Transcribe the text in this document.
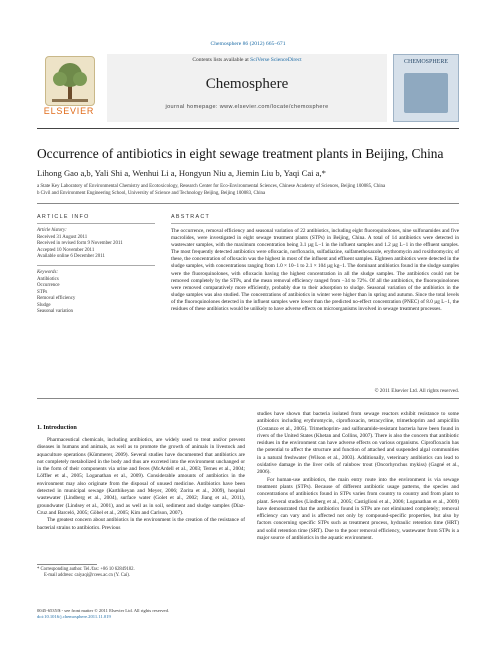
Chemosphere 86 (2012) 665–671
ELSEVIER
Contents lists available at SciVerse ScienceDirect
Chemosphere
journal homepage: www.elsevier.com/locate/chemosphere
CHEMOSPHERE
Occurrence of antibiotics in eight sewage treatment plants in Beijing, China
Lihong Gao a,b, Yali Shi a, Wenhui Li a, Hongyun Niu a, Jiemin Liu b, Yaqi Cai a,*
a State Key Laboratory of Environmental Chemistry and Ecotoxicology, Research Center for Eco-Environmental Sciences, Chinese Academy of Sciences, Beijing 100085, China
b Civil and Environment Engineering School, University of Science and Technology Beijing, Beijing 100083, China
ARTICLE INFO
Article history:
Received 31 August 2011
Received in revised form 9 November 2011
Accepted 10 November 2011
Available online 6 December 2011
Keywords:
Antibiotics
Occurrence
STPs
Removal efficiency
Sludge
Seasonal variation
ABSTRACT
The occurrence, removal efficiency and seasonal variation of 22 antibiotics, including eight fluoroquinolones, nine sulfonamides and five macrolides, were investigated in eight sewage treatment plants (STPs) in Beijing, China. A total of 14 antibiotics were detected in wastewater samples, with the maximum concentration being 3.1 µg L−1 in the influent samples and 1.2 µg L−1 in the effluent samples. The most frequently detected antibiotics were ofloxacin, norfloxacin, sulfadiazine, sulfamethoxazole, erythromycin and roxithromycin; of these, the concentration of ofloxacin was the highest in most of the influent and effluent samples. Eighteen antibiotics were detected in the sludge samples, with concentrations ranging from 1.0 × 10−1 to 2.1 × 104 µg kg−1. The dominant antibiotics found in the sludge samples were the fluoroquinolones, with ofloxacin having the highest concentration in all the sludge samples. The antibiotics could not be removed completely by the STPs, and the mean removal efficiency ranged from −34 to 72%. Of all the antibiotics, the fluoroquinolones were removed comparatively more efficiently, probably due to their adsorption to sludge. Seasonal variation of the antibiotics in the sludge samples was also studied. The concentrations of antibiotics in winter were higher than in spring and autumn. Since the total levels of the fluoroquinolones detected in the influent samples were lower than the predicted no-effect concentration (PNEC) of 8.0 µg L−1, the residues of these antibiotics would be unlikely to have adverse effects on microorganisms involved in sewage treatment processes.
© 2011 Elsevier Ltd. All rights reserved.
1. Introduction

Pharmaceutical chemicals, including antibiotics, are widely used to treat and/or prevent diseases in humans and animals, as well as to promote the growth of animals in livestock and aquaculture operations (Kümmerer, 2009). Several studies have documented that antibiotics are not completely metabolized in the body and thus are excreted into the environment unchanged or in the form of their components via urine and feces (McArdell et al., 2003; Ternes et al., 2004; Löffler et al., 2005; Loganathan et al., 2009). Considerable amounts of antibiotics in the environment may also originate from the disposal of unused medicine. Antibiotics have been detected in municipal sewage (Karthikeyan and Meyer, 2006; Zorita et al., 2009), hospital wastewater (Lindberg et al., 2004), surface water (Golet et al., 2002; Jiang et al., 2011), groundwater (Lindsey et al., 2001), and as well as in soil, sediment and sludge samples (Díaz-Cruz and Barceló, 2005; Göbel et al., 2005; Kim and Carlson, 2007).

The greatest concern about antibiotics in the environment is the creation of the resistance of bacterial strains to antibiotics. Previous

studies have shown that bacteria isolated from sewage reactors exhibit resistance to some antibiotics including erythromycin, ciprofloxacin, tetracycline, trimethoprim and ampicillin (Costanzo et al., 2005). Trimethoprim- and sulfonamide-resistant bacteria have been found in rivers of the United States (Khetan and Collins, 2007). There is also the concern that antibiotic residues in the environment can have adverse effects on various organisms. Ciprofloxacin has the potential to affect the structure and function of attached and suspended algal communities in a natural freshwater (Wilson et al., 2003). Additionally, veterinary antibiotics can lead to oxidative damage in the liver cells of rainbow trout (Oncorhynchus mykiss) (Gagné et al., 2006).

For human-use antibiotics, the main entry route into the environment is via sewage treatment plants (STPs). Because of different antibiotic usage patterns, the species and concentrations of antibiotics found in STPs varies from country to country and from plant to plant. Several studies (Lindberg et al., 2005; Castiglioni et al., 2006; Loganathan et al., 2009) have demonstrated that the antibiotics found in STPs are not eliminated completely; removal efficiency can vary and is affected not only by compound-specific properties, but also by factors concerning specific STPs such as treatment process, hydraulic retention time (HRT) and solid retention time (SRT). Due to the poor removal efficiency, wastewater from STPs is a major source of antibiotics in the aquatic environment.

* Corresponding author. Tel./fax: +86 10 62849182.
E-mail address: caiyaqi@rcees.ac.cn (Y. Cai).
0045-6535/$ - see front matter © 2011 Elsevier Ltd. All rights reserved.
doi:10.1016/j.chemosphere.2011.11.019
